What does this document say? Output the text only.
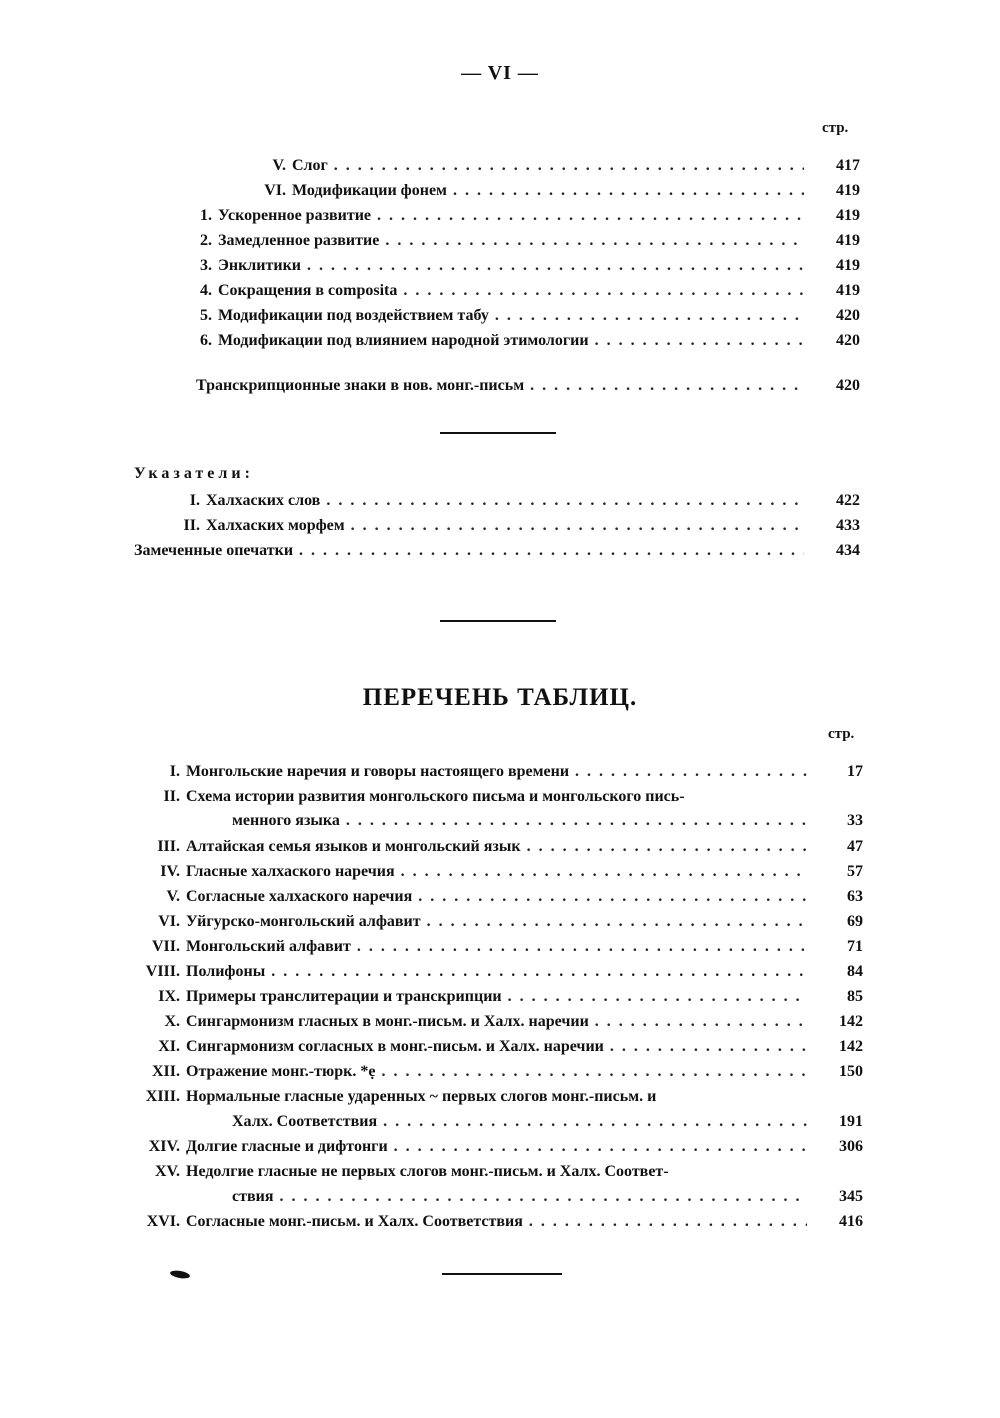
— VI —
стр.
V. Слог . . .	417
VI. Модификации фонем . . .	419
1. Ускоренное развитие . . .	419
2. Замедленное развитие . . .	419
3. Энклитики . . .	419
4. Сокращения в composita . . .	419
5. Модификации под воздействием табу . . .	420
6. Модификации под влиянием народной этимологии . . .	420
Транскрипционные знаки в нов. монг.-письм . . .	420
Указатели:
I. Халхаских слов . . .	422
II. Халхаских морфем . . .	433
Замеченные опечатки . . .	434
ПЕРЕЧЕНЬ ТАБЛИЦ.
стр.
I. Монгольские наречия и говоры настоящего времени . . .	17
II. Схема истории развития монгольского письма и монгольского пись-
менного языка . . .	33
III. Алтайская семья языков и монгольский язык . . .	47
IV. Гласные халхаского наречия . . .	57
V. Согласные халхаского наречия . . .	63
VI. Уйгурско-монгольский алфавит . . .	69
VII. Монгольский алфавит . . .	71
VIII. Полифоны . . .	84
IX. Примеры транслитерации и транскрипции . . .	85
X. Сингармонизм гласных в монг.-письм. и Халх. наречии . . .	142
XI. Сингармонизм согласных в монг.-письм. и Халх. наречии . . .	142
XII. Отражение монг.-тюрк. *ẹ . . .	150
XIII. Нормальные гласные ударенных ~ первых слогов монг.-письм. и
Халх. Соответствия . . .	191
XIV. Долгие гласные и дифтонги . . .	306
XV. Недолгие гласные не первых слогов монг.-письм. и Халх. Соответ-
ствия . . .	345
XVI. Согласные монг.-письм. и Халх. Соответствия . . .	416
